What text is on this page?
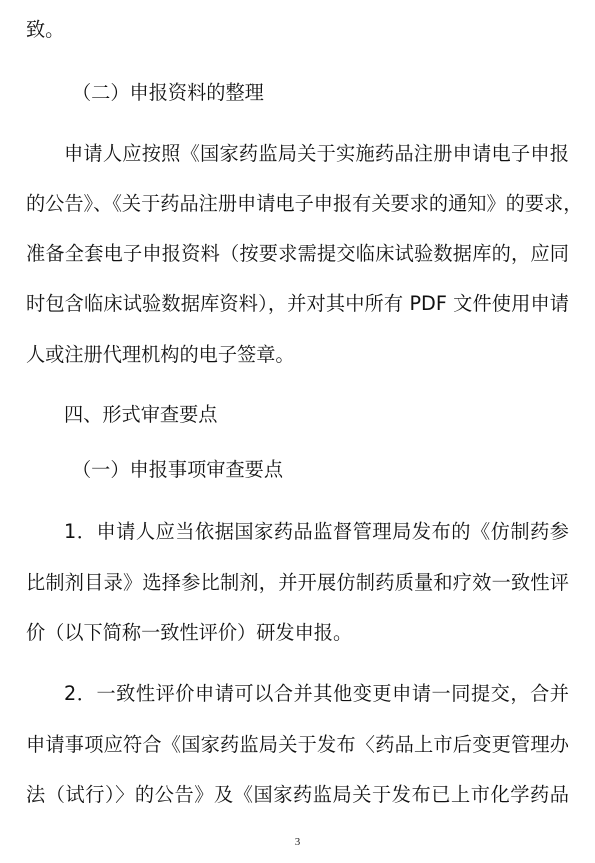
致。
（二）申报资料的整理
申请人应按照《国家药监局关于实施药品注册申请电子申报
的公告》、《关于药品注册申请电子申报有关要求的通知》的要求，
准备全套电子申报资料（按要求需提交临床试验数据库的，应同
时包含临床试验数据库资料），并对其中所有 PDF 文件使用申请
人或注册代理机构的电子签章。
四、形式审查要点
（一）申报事项审查要点
1．申请人应当依据国家药品监督管理局发布的《仿制药参
比制剂目录》选择参比制剂，并开展仿制药质量和疗效一致性评
价（以下简称一致性评价）研发申报。
2．一致性评价申请可以合并其他变更申请一同提交，合并
申请事项应符合《国家药监局关于发布〈药品上市后变更管理办
法（试行）〉的公告》及《国家药监局关于发布已上市化学药品
3
